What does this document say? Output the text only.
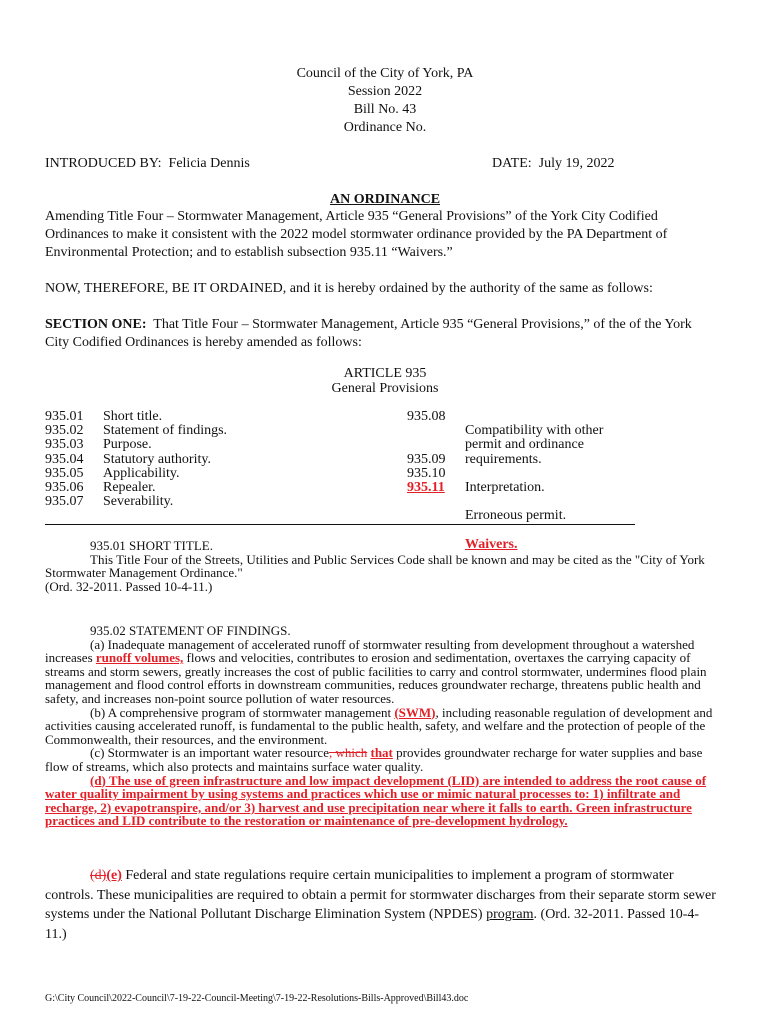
Council of the City of York, PA
Session 2022
Bill No. 43
Ordinance No.
INTRODUCED BY: Felicia Dennis	DATE: July 19, 2022
AN ORDINANCE
Amending Title Four – Stormwater Management, Article 935 “General Provisions” of the York City Codified Ordinances to make it consistent with the 2022 model stormwater ordinance provided by the PA Department of Environmental Protection; and to establish subsection 935.11 “Waivers.”
NOW, THEREFORE, BE IT ORDAINED, and it is hereby ordained by the authority of the same as follows:
SECTION ONE: That Title Four – Stormwater Management, Article 935 “General Provisions,” of the of the York City Codified Ordinances is hereby amended as follows:
ARTICLE 935
General Provisions
935.01
935.02
935.03
935.04
935.05
935.06
935.07
Short title.
Statement of findings.
Purpose.
Statutory authority.
Applicability.
Repealer.
Severability.
935.08
935.09
935.10
935.11

Compatibility with other
permit and ordinance
requirements.

Interpretation.

Erroneous permit.

Waivers.

935.01 SHORT TITLE.
This Title Four of the Streets, Utilities and Public Services Code shall be known and may be cited as the "City of York Stormwater Management Ordinance."
(Ord. 32-2011. Passed 10-4-11.)
935.02 STATEMENT OF FINDINGS.
(a) Inadequate management of accelerated runoff of stormwater resulting from development throughout a watershed increases runoff volumes, flows and velocities, contributes to erosion and sedimentation, overtaxes the carrying capacity of streams and storm sewers, greatly increases the cost of public facilities to carry and control stormwater, undermines flood plain management and flood control efforts in downstream communities, reduces groundwater recharge, threatens public health and safety, and increases non-point source pollution of water resources.
(b) A comprehensive program of stormwater management (SWM), including reasonable regulation of development and activities causing accelerated runoff, is fundamental to the public health, safety, and welfare and the protection of people of the Commonwealth, their resources, and the environment.
(c) Stormwater is an important water resource, which that provides groundwater recharge for water supplies and base flow of streams, which also protects and maintains surface water quality.
(d) The use of green infrastructure and low impact development (LID) are intended to address the root cause of water quality impairment by using systems and practices which use or mimic natural processes to: 1) infiltrate and recharge, 2) evapotranspire, and/or 3) harvest and use precipitation near where it falls to earth. Green infrastructure practices and LID contribute to the restoration or maintenance of pre-development hydrology.
(d)(e) Federal and state regulations require certain municipalities to implement a program of stormwater controls. These municipalities are required to obtain a permit for stormwater discharges from their separate storm sewer systems under the National Pollutant Discharge Elimination System (NPDES) program. (Ord. 32-2011. Passed 10-4-11.)
G:\City Council\2022-Council\7-19-22-Council-Meeting\7-19-22-Resolutions-Bills-Approved\Bill43.doc
